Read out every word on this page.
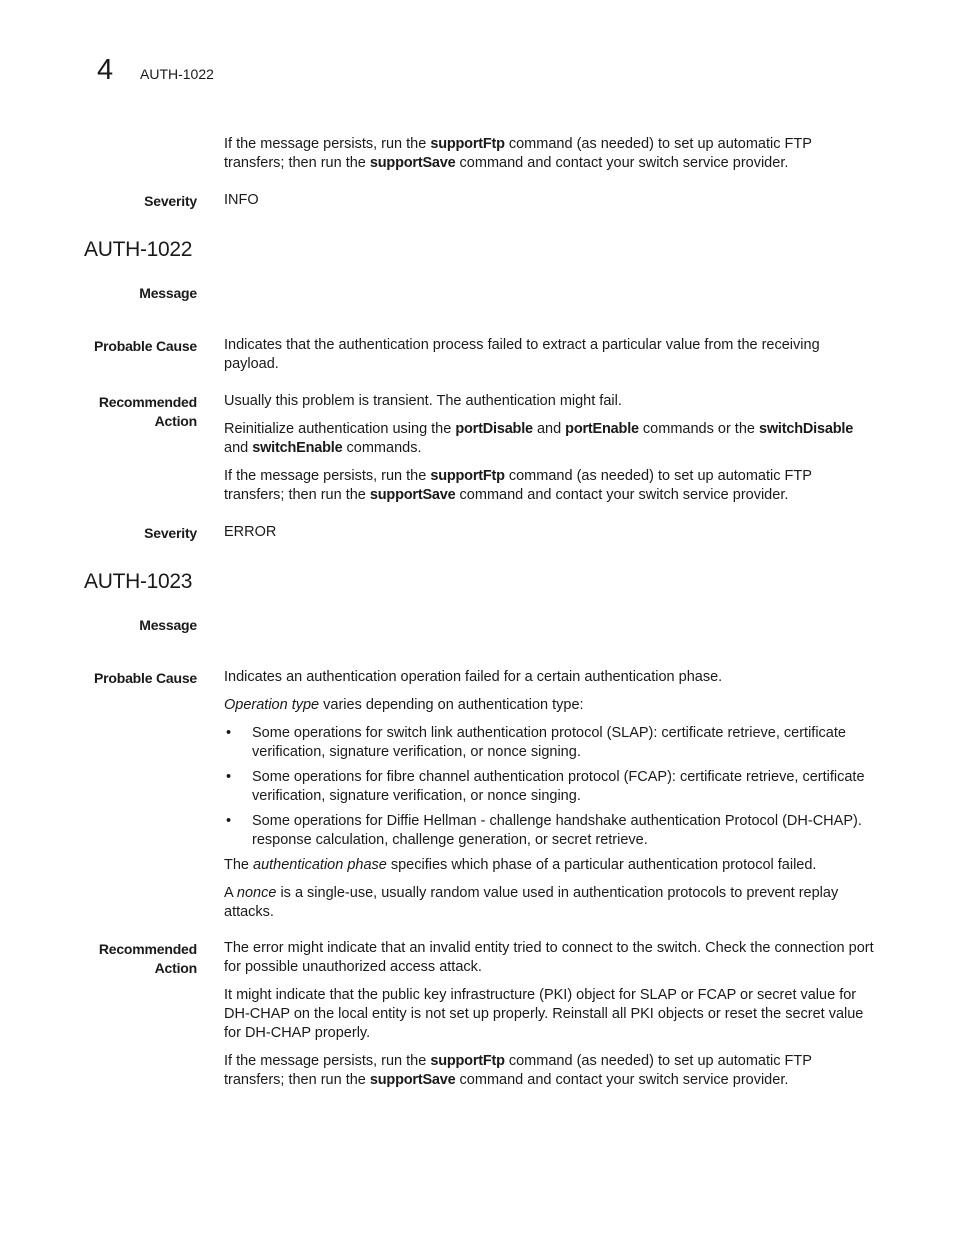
4 AUTH-1022

If the message persists, run the supportFtp command (as needed) to set up automatic FTP transfers; then run the supportSave command and contact your switch service provider.

Severity INFO
AUTH-1022
Message
Probable Cause Indicates that the authentication process failed to extract a particular value from the receiving payload.

Recommended
Action

Usually this problem is transient. The authentication might fail.

Reinitialize authentication using the portDisable and portEnable commands or the switchDisable and switchEnable commands.

If the message persists, run the supportFtp command (as needed) to set up automatic FTP transfers; then run the supportSave command and contact your switch service provider.

Severity ERROR
AUTH-1023
Message
Probable Cause Indicates an authentication operation failed for a certain authentication phase.

Operation type varies depending on authentication type:

• Some operations for switch link authentication protocol (SLAP): certificate retrieve, certificate verification, signature verification, or nonce signing.
• Some operations for fibre channel authentication protocol (FCAP): certificate retrieve, certificate verification, signature verification, or nonce singing.
• Some operations for Diffie Hellman - challenge handshake authentication Protocol (DH-CHAP). response calculation, challenge generation, or secret retrieve.

The authentication phase specifies which phase of a particular authentication protocol failed.

A nonce is a single-use, usually random value used in authentication protocols to prevent replay attacks.

Recommended
Action

The error might indicate that an invalid entity tried to connect to the switch. Check the connection port for possible unauthorized access attack.

It might indicate that the public key infrastructure (PKI) object for SLAP or FCAP or secret value for DH-CHAP on the local entity is not set up properly. Reinstall all PKI objects or reset the secret value for DH-CHAP properly.

If the message persists, run the supportFtp command (as needed) to set up automatic FTP transfers; then run the supportSave command and contact your switch service provider.
